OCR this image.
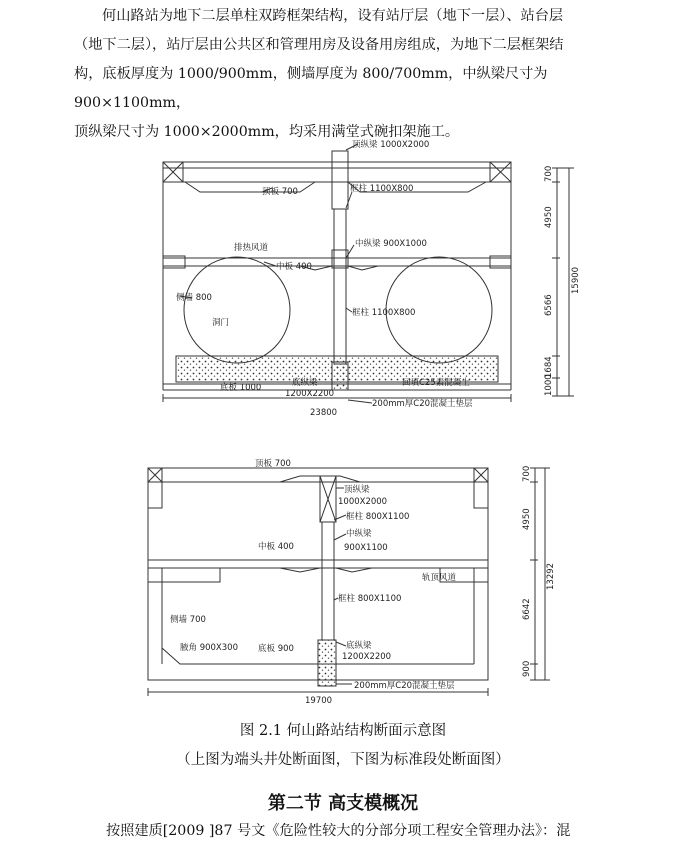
何山路站为地下二层单柱双跨框架结构，设有站厅层（地下一层）、站台层

（地下二层），站厅层由公共区和管理用房及设备用房组成，为地下二层框架结

构，底板厚度为 1000/900mm，侧墙厚度为 800/700mm，中纵梁尺寸为 900×1100mm，

顶纵梁尺寸为 1000×2000mm，均采用满堂式碗扣架施工。

顶纵梁 1000X2000
顶板 700	框柱 1100X800
中纵梁 900X1000
排热风道
中板 400
侧墙 800
洞门
框柱 1100X800
底板 1000	底纵梁
1200X2200
回填C25素混凝土
200mm厚C20混凝土垫层
23800
700
4950
6566
1684
1000
15900
顶板 700
顶纵梁
1000X2000
框柱 800X1100
中纵梁
900X1100
中板 400
轨顶风道
框柱 800X1100
侧墙 700
腋角 900X300 底板 900	底纵梁
1200X2200
200mm厚C20混凝土垫层
19700
700
4950
6642
900
13292
图 2.1 何山路站结构断面示意图
（上图为端头井处断面图，下图为标准段处断面图）
第二节 高支模概况
按照建质[2009 ]87 号文《危险性较大的分部分项工程安全管理办法》：混
